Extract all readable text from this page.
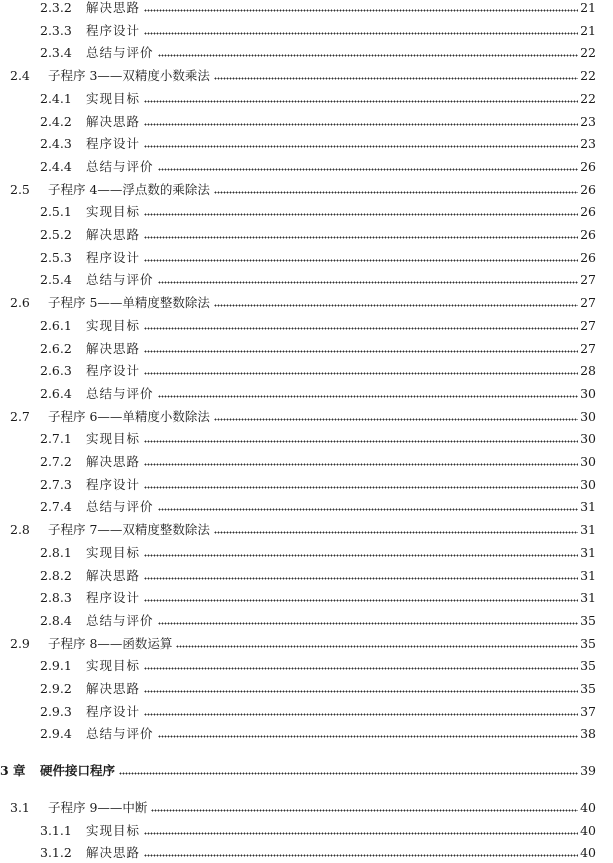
2.3.2	解决思路	21
2.3.3	程序设计	21
2.3.4	总结与评价	22
2.4	子程序 3——双精度小数乘法	22
2.4.1	实现目标	22
2.4.2	解决思路	23
2.4.3	程序设计	23
2.4.4	总结与评价	26
2.5	子程序 4——浮点数的乘除法	26
2.5.1	实现目标	26
2.5.2	解决思路	26
2.5.3	程序设计	26
2.5.4	总结与评价	27
2.6	子程序 5——单精度整数除法	27
2.6.1	实现目标	27
2.6.2	解决思路	27
2.6.3	程序设计	28
2.6.4	总结与评价	30
2.7	子程序 6——单精度小数除法	30
2.7.1	实现目标	30
2.7.2	解决思路	30
2.7.3	程序设计	30
2.7.4	总结与评价	31
2.8	子程序 7——双精度整数除法	31
2.8.1	实现目标	31
2.8.2	解决思路	31
2.8.3	程序设计	31
2.8.4	总结与评价	35
2.9	子程序 8——函数运算	35
2.9.1	实现目标	35
2.9.2	解决思路	35
2.9.3	程序设计	37
2.9.4	总结与评价	38
3 章	硬件接口程序	39
3.1	子程序 9——中断	40
3.1.1	实现目标	40
3.1.2	解决思路	40
